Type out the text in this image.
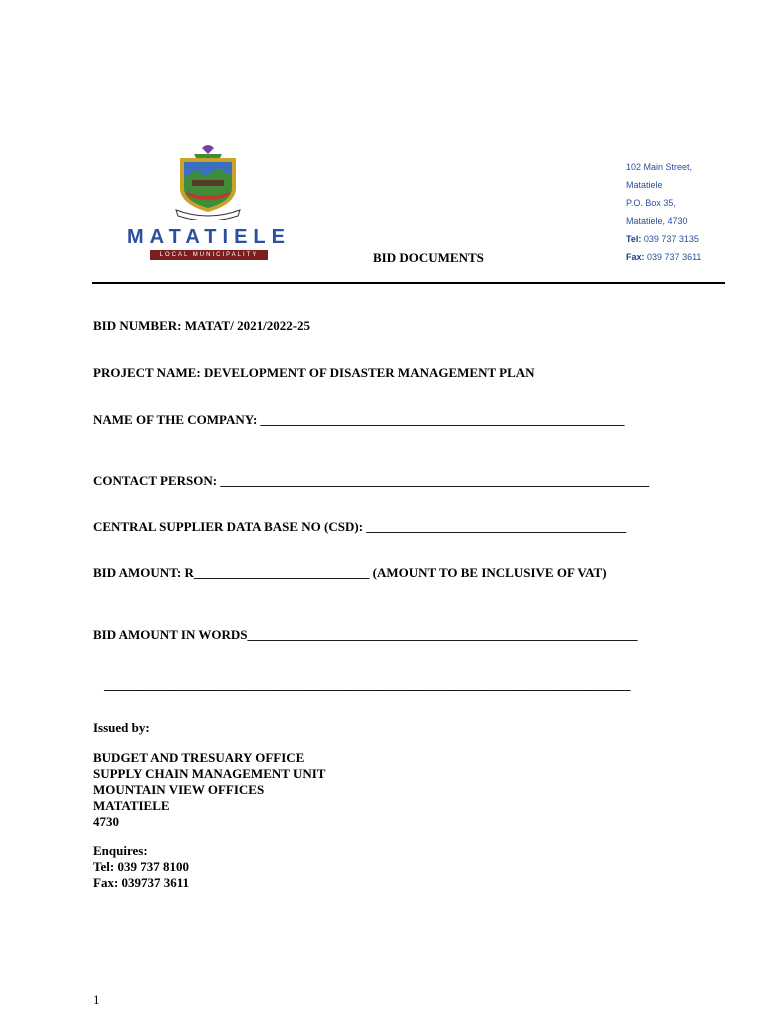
MATATIELE
LOCAL MUNICIPALITY
102 Main Street,
Matatiele
P.O. Box 35,
Matatiele, 4730
Tel: 039 737 3135
Fax: 039 737 3611
BID DOCUMENTS
BID NUMBER: MATAT/ 2021/2022-25
PROJECT NAME: DEVELOPMENT OF DISASTER MANAGEMENT PLAN
NAME OF THE COMPANY: ________________________________________________________
CONTACT PERSON: __________________________________________________________________
CENTRAL SUPPLIER DATA BASE NO (CSD): ________________________________________
BID AMOUNT: R___________________________ (AMOUNT TO BE INCLUSIVE OF VAT)
BID AMOUNT IN WORDS____________________________________________________________
_________________________________________________________________________________
Issued by:
BUDGET AND TRESUARY OFFICE
SUPPLY CHAIN MANAGEMENT UNIT
MOUNTAIN VIEW OFFICES
MATATIELE
4730
Enquires:
Tel: 039 737 8100
Fax: 039737 3611
1
